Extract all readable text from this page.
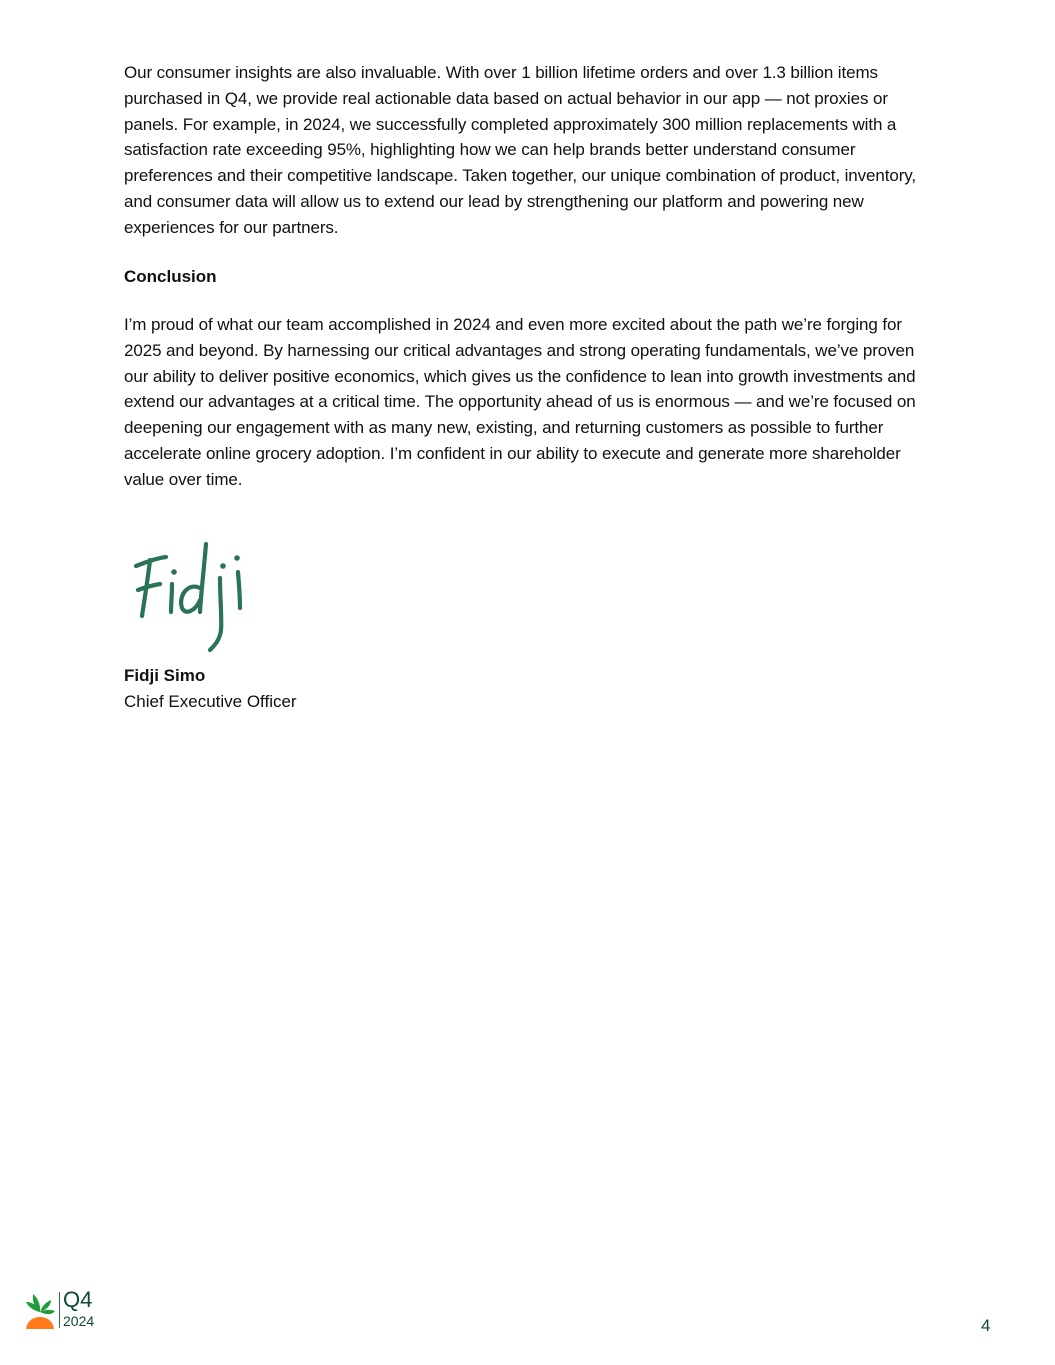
Our consumer insights are also invaluable. With over 1 billion lifetime orders and over 1.3 billion items purchased in Q4, we provide real actionable data based on actual behavior in our app — not proxies or panels. For example, in 2024, we successfully completed approximately 300 million replacements with a satisfaction rate exceeding 95%, highlighting how we can help brands better understand consumer preferences and their competitive landscape. Taken together, our unique combination of product, inventory, and consumer data will allow us to extend our lead by strengthening our platform and powering new experiences for our partners.

Conclusion

I’m proud of what our team accomplished in 2024 and even more excited about the path we’re forging for 2025 and beyond. By harnessing our critical advantages and strong operating fundamentals, we’ve proven our ability to deliver positive economics, which gives us the confidence to lean into growth investments and extend our advantages at a critical time. The opportunity ahead of us is enormous — and we’re focused on deepening our engagement with as many new, existing, and returning customers as possible to further accelerate online grocery adoption. I’m confident in our ability to execute and generate more shareholder value over time.

Fidji Simo

Chief Executive Officer

Q4
2024	4
